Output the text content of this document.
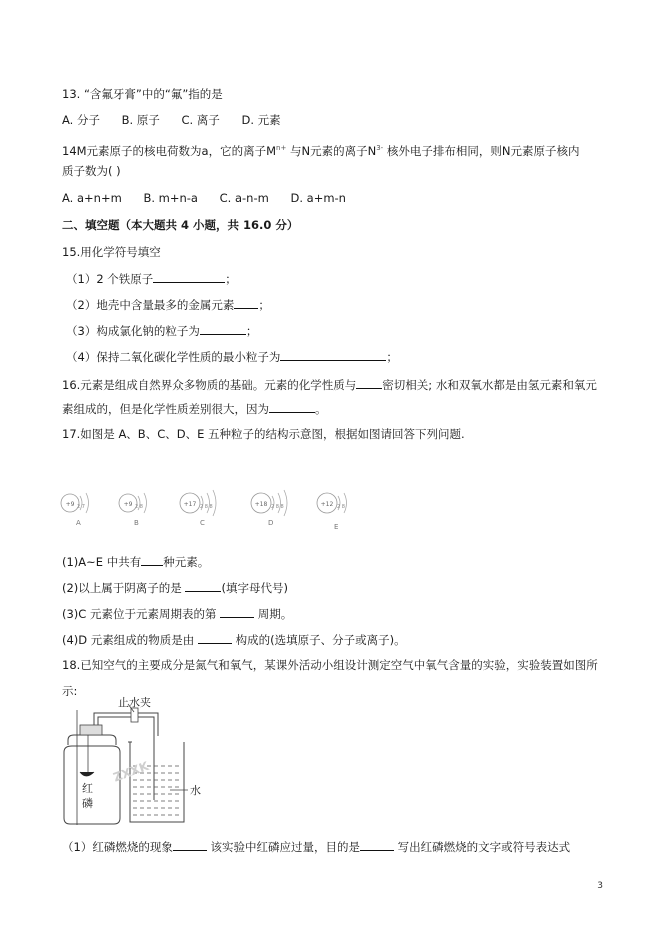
13. “含氟牙膏”中的“氟”指的是
A. 分子 B. 原子 C. 离子 D. 元素
14M元素原子的核电荷数为a，它的离子$M^{n+}$ 与N元素的离子$N^{3-}$ 核外电子排布相同，则N元素原子核内
质子数为( )
A. a+n+m B. m+n-a C. a-n-m D. a+m-n
二、填空题（本大题共 4 小题，共 16.0 分）
15.用化学符号填空
（1）2 个铁原子	；
（2）地壳中含量最多的金属元素 ；
（3）构成氯化钠的粒子为	；
（4）保持二氧化碳化学性质的最小粒子为	；
16.元素是组成自然界众多物质的基础。元素的化学性质与 密切相关; 水和双氧水都是由氢元素和氧元
素组成的，但是化学性质差别很大，因为	。
17.如图是 A、B、C、D、E 五种粒子的结构示意图，根据如图请回答下列问题.
+9 2 7	+9 2 8	+17 2 8 8	+18 2 8 8	+12 2 8
A	B	C	D	E
(1)A~E 中共有 种元素。
(2)以上属于阴离子的是	(填字母代号)
(3)C 元素位于元素周期表的第	周期。
(4)D 元素组成的物质是由	构成的(选填原子、分子或离子)。
18.已知空气的主要成分是氮气和氧气，某课外活动小组设计测定空气中氧气含量的实验，实验装置如图所
示:
止水夹
红
磷
水
ZXXK
（1）红磷燃烧的现象	该实验中红磷应过量，目的是	写出红磷燃烧的文字或符号表达式
3
